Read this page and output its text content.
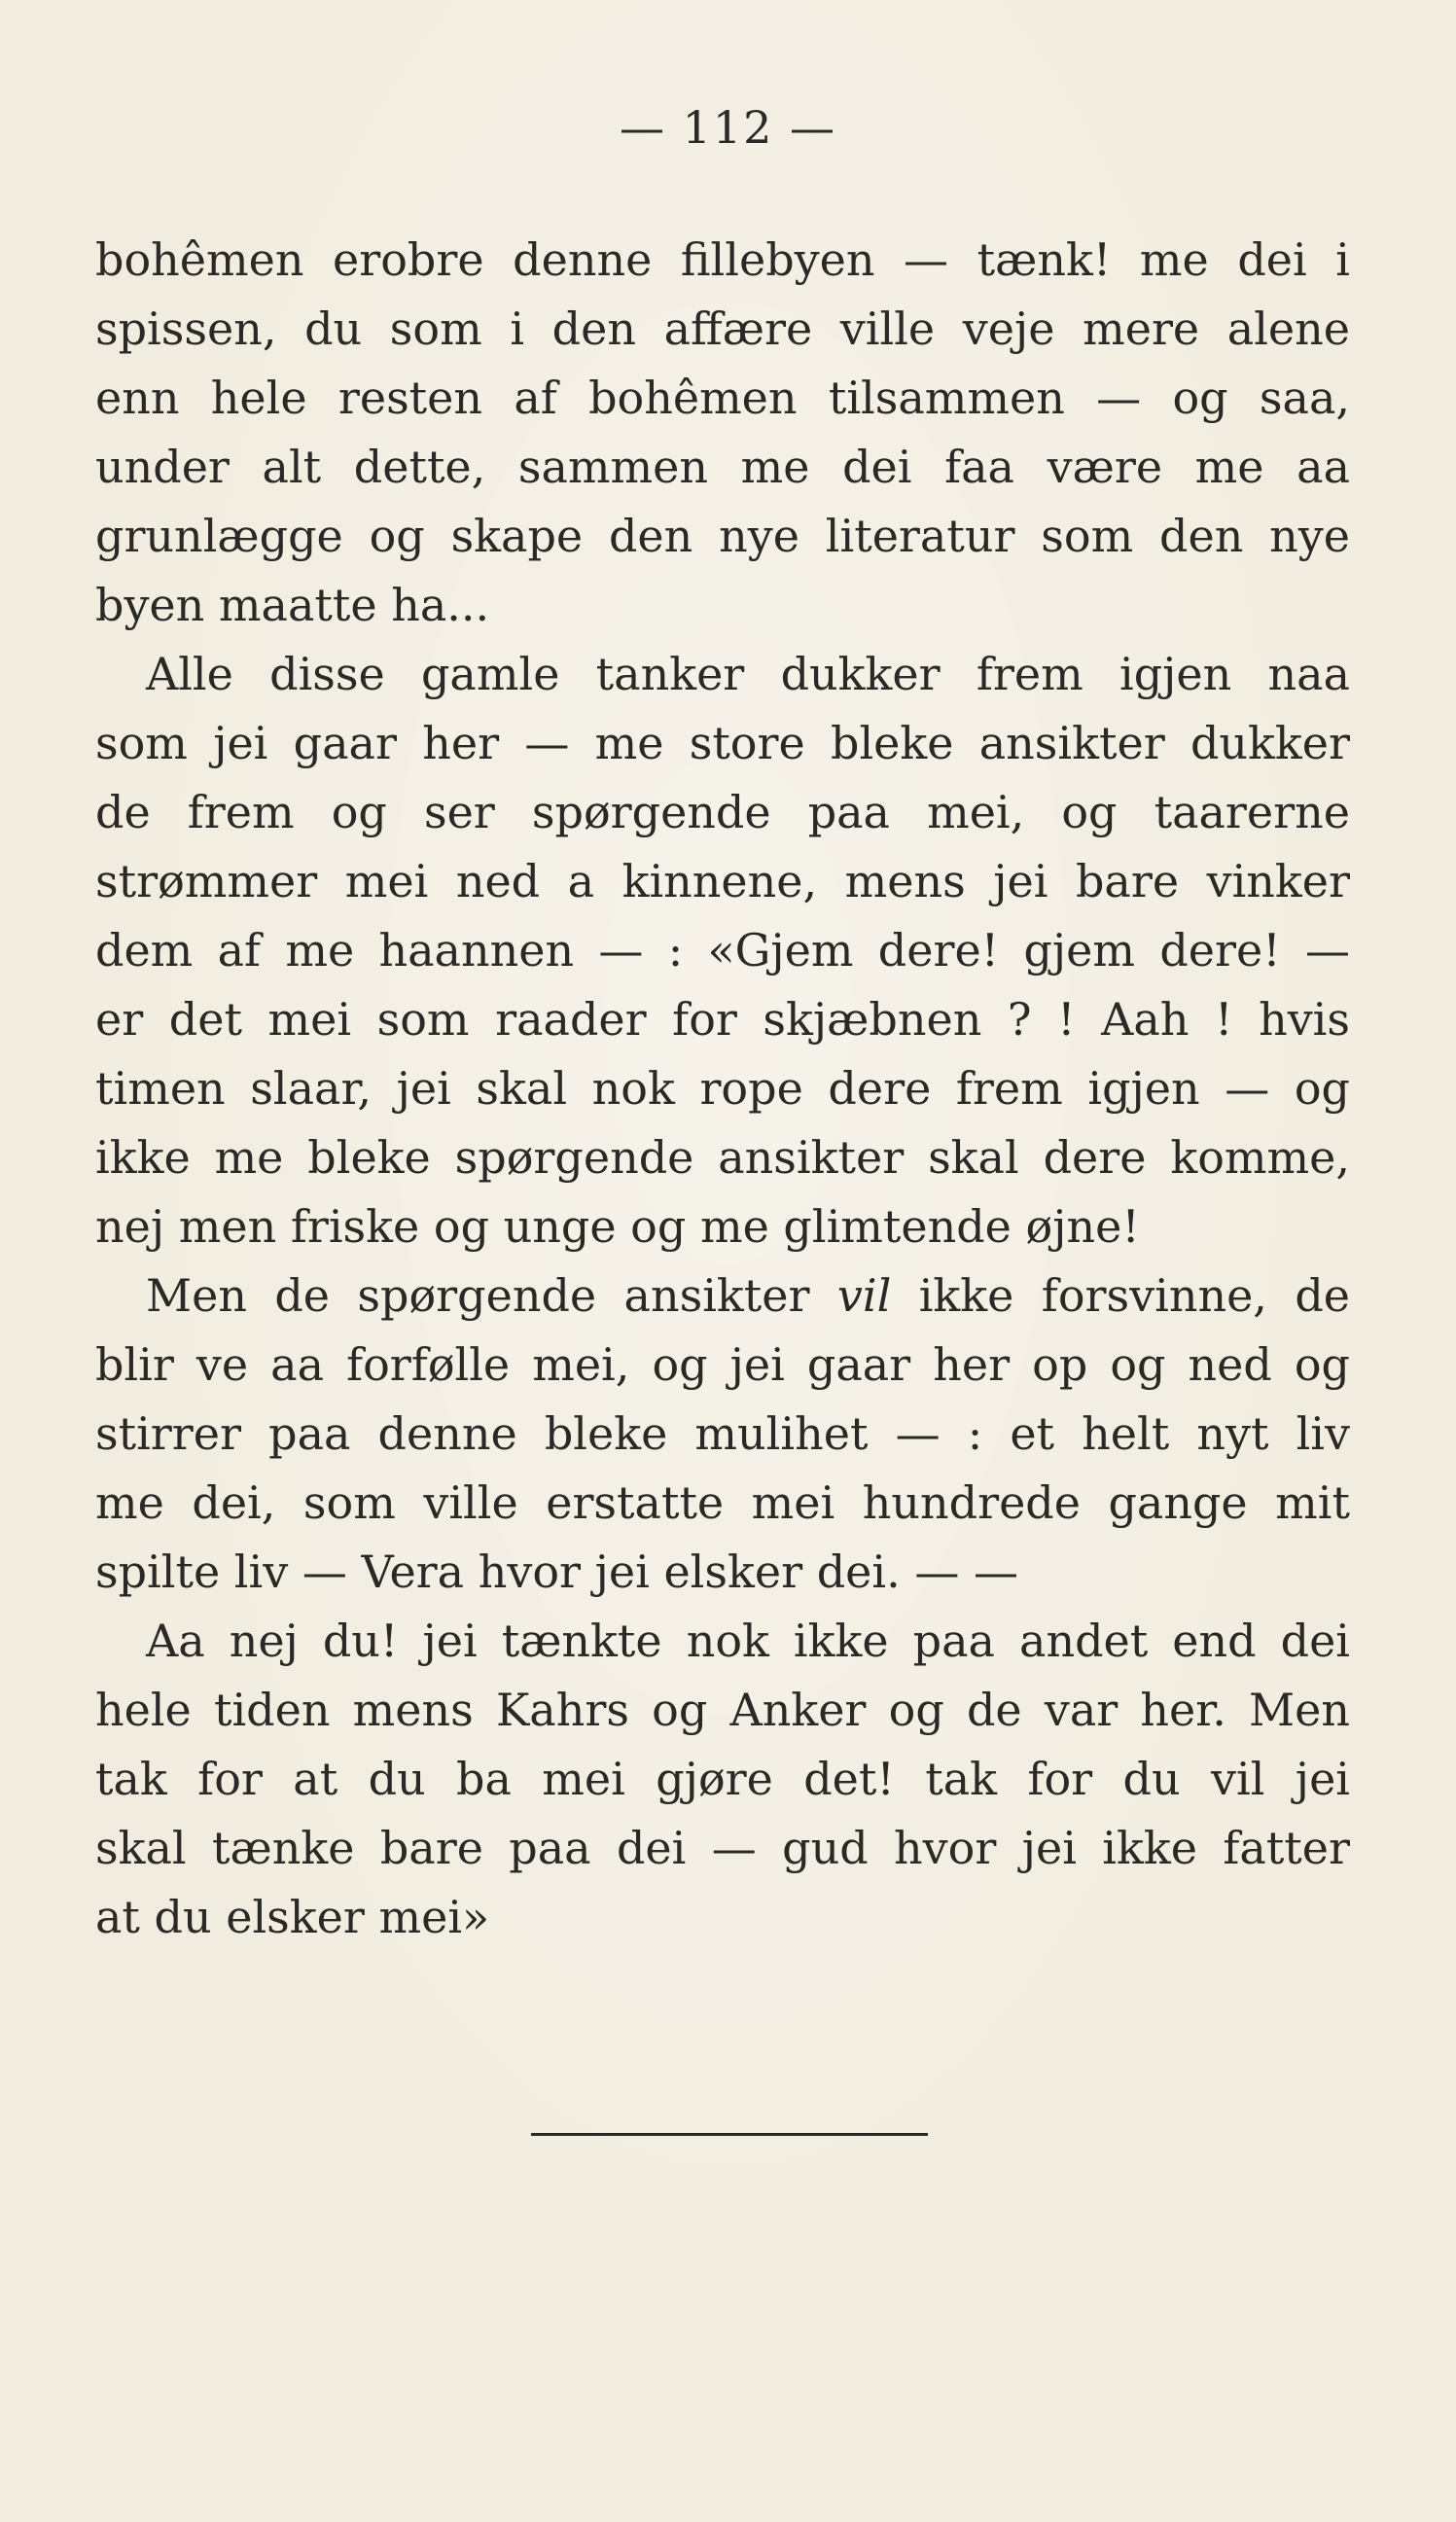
— 112 —
bohêmen erobre denne fillebyen — tænk! me dei i
spissen, du som i den affære ville veje mere alene
enn hele resten af bohêmen tilsammen — og saa,
under alt dette, sammen me dei faa være me aa
grunlægge og skape den nye literatur som den nye
byen maatte ha...
Alle disse gamle tanker dukker frem igjen naa
som jei gaar her — me store bleke ansikter dukker
de frem og ser spørgende paa mei, og taarerne
strømmer mei ned a kinnene, mens jei bare vinker
dem af me haannen — : «Gjem dere! gjem dere! —
er det mei som raader for skjæbnen ? ! Aah ! hvis
timen slaar, jei skal nok rope dere frem igjen — og
ikke me bleke spørgende ansikter skal dere komme,
nej men friske og unge og me glimtende øjne!
Men de spørgende ansikter vil ikke forsvinne, de
blir ve aa forfølle mei, og jei gaar her op og ned og
stirrer paa denne bleke mulihet — : et helt nyt liv
me dei, som ville erstatte mei hundrede gange mit
spilte liv — Vera hvor jei elsker dei. — —
Aa nej du! jei tænkte nok ikke paa andet end dei
hele tiden mens Kahrs og Anker og de var her. Men
tak for at du ba mei gjøre det! tak for du vil jei
skal tænke bare paa dei — gud hvor jei ikke fatter
at du elsker mei»
